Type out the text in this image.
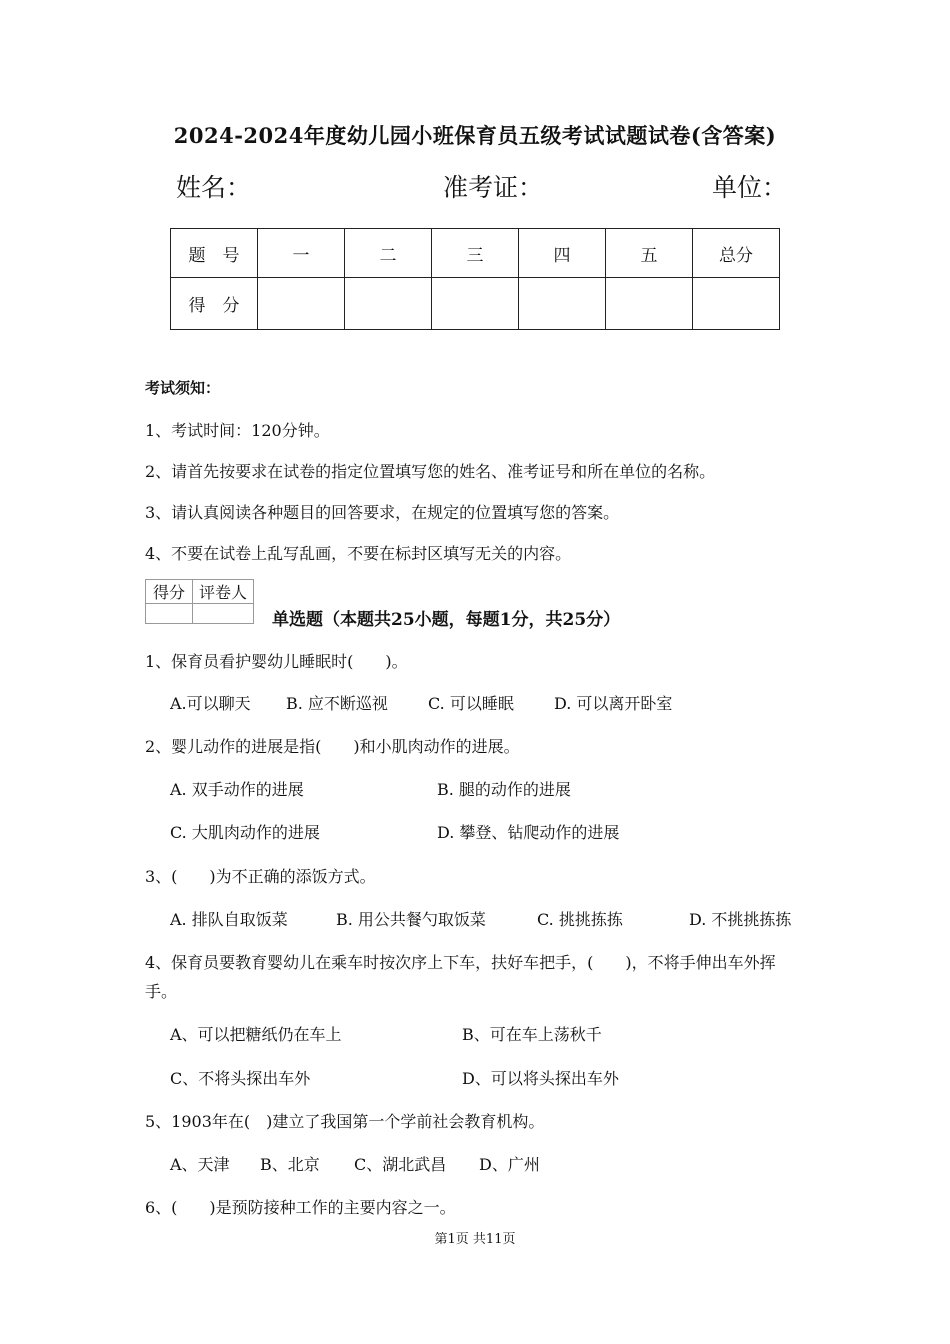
2024-2024年度幼儿园小班保育员五级考试试题试卷(含答案)
姓名：	准考证：	单位：
题　号	一	二	三	四	五	总分
得　分						
考试须知：
1、考试时间：120分钟。
2、请首先按要求在试卷的指定位置填写您的姓名、准考证号和所在单位的名称。
3、请认真阅读各种题目的回答要求，在规定的位置填写您的答案。
4、不要在试卷上乱写乱画，不要在标封区填写无关的内容。
得分	评卷人

单选题（本题共25小题，每题1分，共25分）
1、保育员看护婴幼儿睡眠时(　　)。
A.可以聊天 B. 应不断巡视	C. 可以睡眠	D. 可以离开卧室
2、婴儿动作的进展是指(　　)和小肌肉动作的进展。
A. 双手动作的进展	B. 腿的动作的进展
C. 大肌肉动作的进展	D. 攀登、钻爬动作的进展
3、(　　)为不正确的添饭方式。
A. 排队自取饭菜	B. 用公共餐勺取饭菜	C. 挑挑拣拣	D. 不挑挑拣拣
4、保育员要教育婴幼儿在乘车时按次序上下车，扶好车把手，(　　)，不将手伸出车外挥
手。
A、可以把糖纸仍在车上	B、可在车上荡秋千
C、不将头探出车外	D、可以将头探出车外
5、1903年在(　)建立了我国第一个学前社会教育机构。
A、天津 B、北京 C、湖北武昌 D、广州
6、(　　)是预防接种工作的主要内容之一。
第1页 共11页
